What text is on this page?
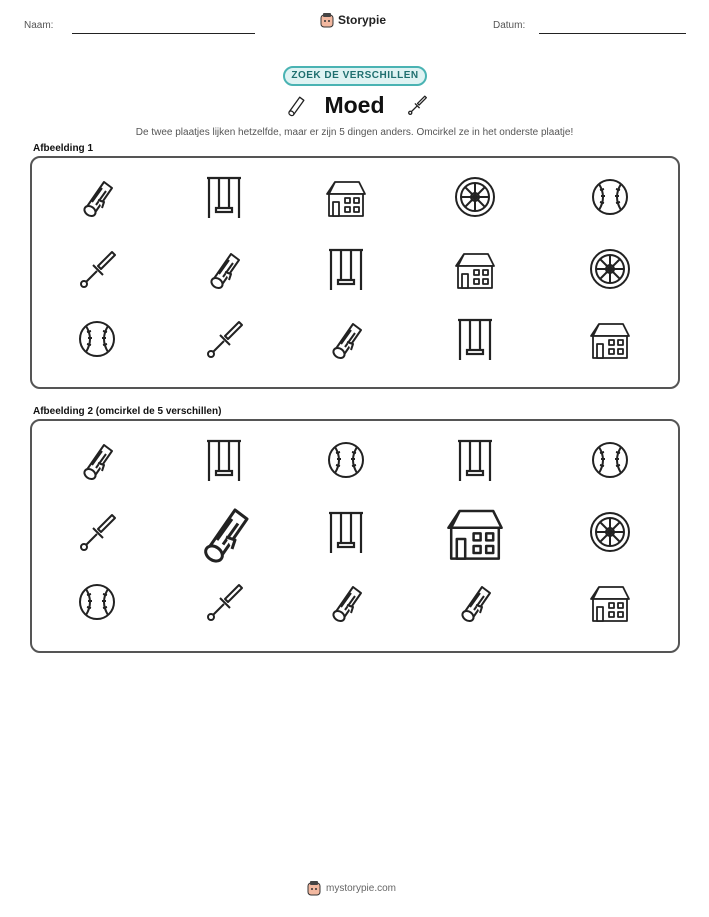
Naam:	Storypie	Datum:
ZOEK DE VERSCHILLEN
Moed
De twee plaatjes lijken hetzelfde, maar er zijn 5 dingen anders. Omcirkel ze in het onderste plaatje!
Afbeelding 1
Afbeelding 2 (omcirkel de 5 verschillen)
mystorypie.com
